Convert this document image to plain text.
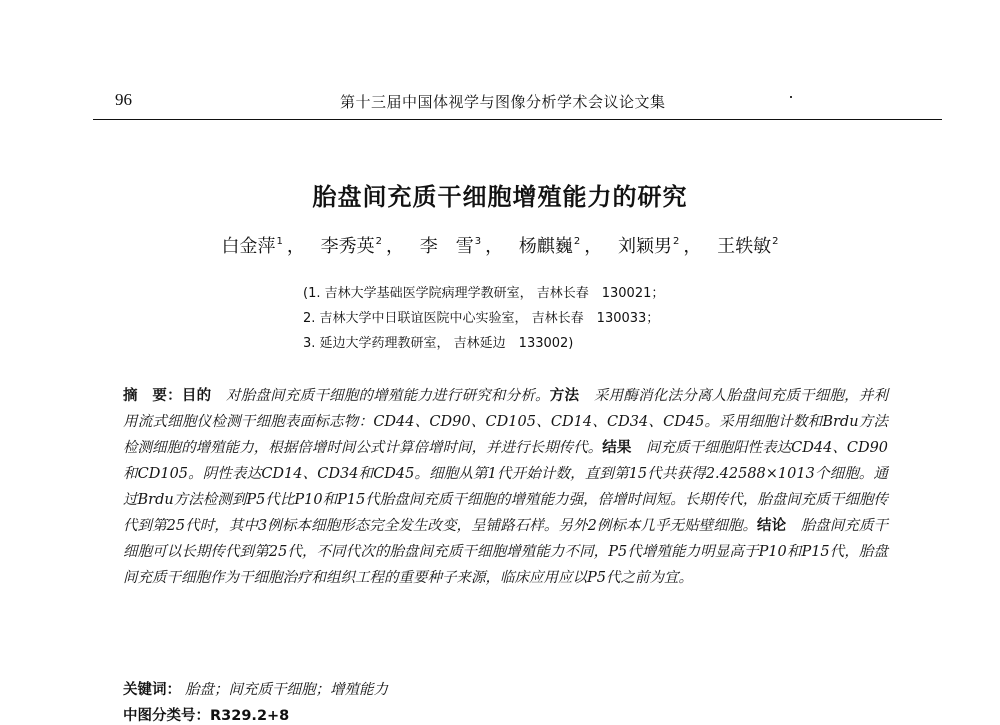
96	第十三届中国体视学与图像分析学术会议论文集
胎盘间充质干细胞增殖能力的研究
白金萍$^1$ ， 李秀英$^2$ ， 李　雪$^3$ ， 杨麒巍$^2$ ， 刘颖男$^2$ ， 王轶敏$^2$
(1. 吉林大学基础医学院病理学教研室， 吉林长春　130021；
2. 吉林大学中日联谊医院中心实验室， 吉林长春　130033；
3. 延边大学药理教研室， 吉林延边　133002)
摘　要：目的　 对胎盘间充质干细胞的增殖能力进行研究和分析。方法　 采用酶消化法分离人胎盘间充质干细胞，并利用流式细胞仪检测干细胞表面标志物：CD44、CD90、CD105、CD14、CD34、CD45。采用细胞计数和Brdu方法检测细胞的增殖能力，根据倍增时间公式计算倍增时间，并进行长期传代。结果　 间充质干细胞阳性表达CD44、CD90和CD105。阴性表达CD14、CD34和CD45。细胞从第1代开始计数，直到第15代共获得2.42588×1013个细胞。通过Brdu方法检测到P5代比P10和P15代胎盘间充质干细胞的增殖能力强，倍增时间短。长期传代，胎盘间充质干细胞传代到第25代时，其中3例标本细胞形态完全发生改变，呈铺路石样。另外2例标本几乎无贴壁细胞。结论　 胎盘间充质干细胞可以长期传代到第25代，不同代次的胎盘间充质干细胞增殖能力不同，P5代增殖能力明显高于P10和P15代，胎盘间充质干细胞作为干细胞治疗和组织工程的重要种子来源，临床应用应以P5代之前为宜。
关键词： 胎盘；间充质干细胞；增殖能力
中图分类号：R329.2+8
